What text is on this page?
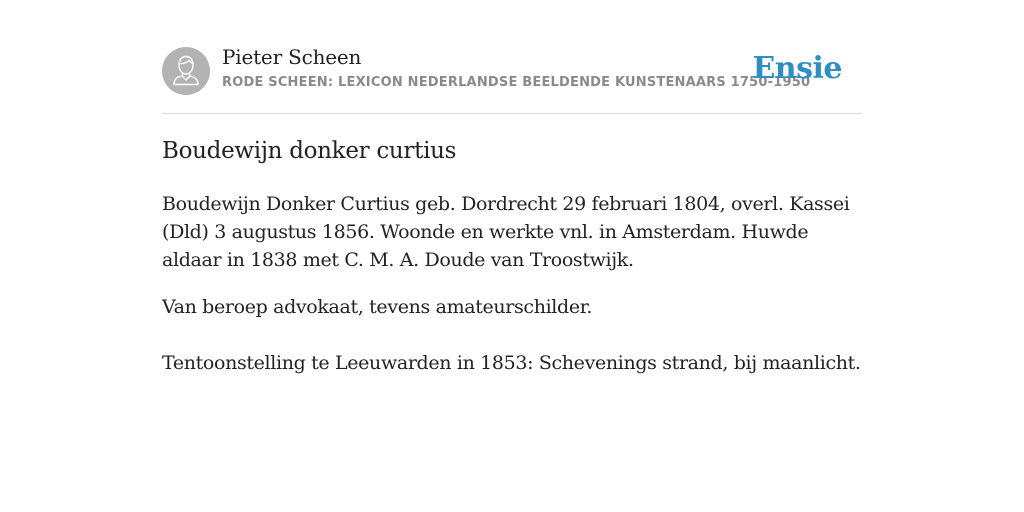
Pieter Scheen
RODE SCHEEN: LEXICON NEDERLANDSE BEELDENDE KUNSTENAARS 1750-1950
Ensie
Boudewijn donker curtius

Boudewijn Donker Curtius geb. Dordrecht 29 februari 1804, overl. Kassei (Dld) 3 augustus 1856. Woonde en werkte vnl. in Amsterdam. Huwde aldaar in 1838 met C. M. A. Doude van Troostwijk.

Van beroep advokaat, tevens amateurschilder.

Tentoonstelling te Leeuwarden in 1853: Schevenings strand, bij maanlicht.
